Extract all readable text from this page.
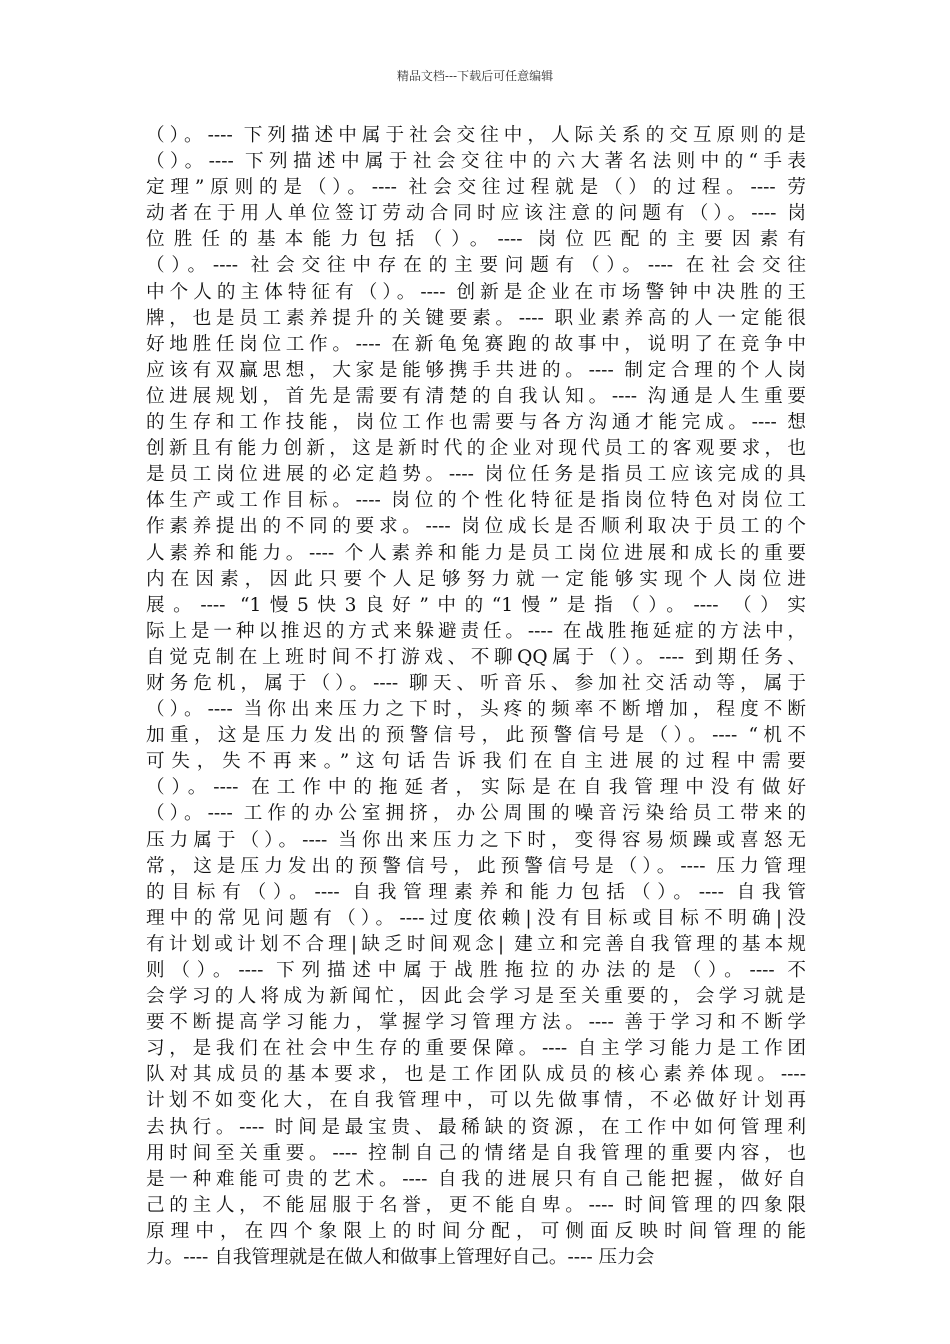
精品文档---下载后可任意编辑
（）。---- 下列描述中属于社会交往中，人际关系的交互原则的是
（）。---- 下列描述中属于社会交往中的六大著名法则中的“手表
定理”原则的是（）。---- 社会交往过程就是（）的过程。---- 劳
动者在于用人单位签订劳动合同时应该注意的问题有（）。---- 岗
位胜任的基本能力包括（）。---- 岗位匹配的主要因素有
（）。---- 社会交往中存在的主要问题有（）。---- 在社会交往
中个人的主体特征有（）。---- 创新是企业在市场警钟中决胜的王
牌，也是员工素养提升的关键要素。---- 职业素养高的人一定能很
好地胜任岗位工作。---- 在新龟兔赛跑的故事中，说明了在竞争中
应该有双赢思想，大家是能够携手共进的。---- 制定合理的个人岗
位进展规划，首先是需要有清楚的自我认知。---- 沟通是人生重要
的生存和工作技能，岗位工作也需要与各方沟通才能完成。---- 想
创新且有能力创新，这是新时代的企业对现代员工的客观要求，也
是员工岗位进展的必定趋势。---- 岗位任务是指员工应该完成的具
体生产或工作目标。---- 岗位的个性化特征是指岗位特色对岗位工
作素养提出的不同的要求。---- 岗位成长是否顺利取决于员工的个
人素养和能力。---- 个人素养和能力是员工岗位进展和成长的重要
内在因素，因此只要个人足够努力就一定能够实现个人岗位进
展。---- “1慢5快3良好”中的“1慢”是指（）。---- （）实
际上是一种以推迟的方式来躲避责任。---- 在战胜拖延症的方法中，
自觉克制在上班时间不打游戏、不聊QQ属于（）。---- 到期任务、
财务危机，属于（）。---- 聊天、听音乐、参加社交活动等，属于
（）。---- 当你出来压力之下时，头疼的频率不断增加，程度不断
加重，这是压力发出的预警信号，此预警信号是（）。---- “机不
可失，失不再来。”这句话告诉我们在自主进展的过程中需要
（）。---- 在工作中的拖延者，实际是在自我管理中没有做好
（）。---- 工作的办公室拥挤，办公周围的噪音污染给员工带来的
压力属于（）。---- 当你出来压力之下时，变得容易烦躁或喜怒无
常，这是压力发出的预警信号，此预警信号是（）。---- 压力管理
的目标有（）。---- 自我管理素养和能力包括（）。---- 自我管
理中的常见问题有（）。----过度依赖|没有目标或目标不明确|没
有计划或计划不合理|缺乏时间观念| 建立和完善自我管理的基本规
则（）。---- 下列描述中属于战胜拖拉的办法的是（）。---- 不
会学习的人将成为新闻忙，因此会学习是至关重要的，会学习就是
要不断提高学习能力，掌握学习管理方法。---- 善于学习和不断学
习，是我们在社会中生存的重要保障。---- 自主学习能力是工作团
队对其成员的基本要求，也是工作团队成员的核心素养体现。----
计划不如变化大，在自我管理中，可以先做事情，不必做好计划再
去执行。---- 时间是最宝贵、最稀缺的资源，在工作中如何管理利
用时间至关重要。---- 控制自己的情绪是自我管理的重要内容，也
是一种难能可贵的艺术。---- 自我的进展只有自己能把握，做好自
己的主人，不能屈服于名誉，更不能自卑。---- 时间管理的四象限
原理中，在四个象限上的时间分配，可侧面反映时间管理的能
力。---- 自我管理就是在做人和做事上管理好自己。---- 压力会
